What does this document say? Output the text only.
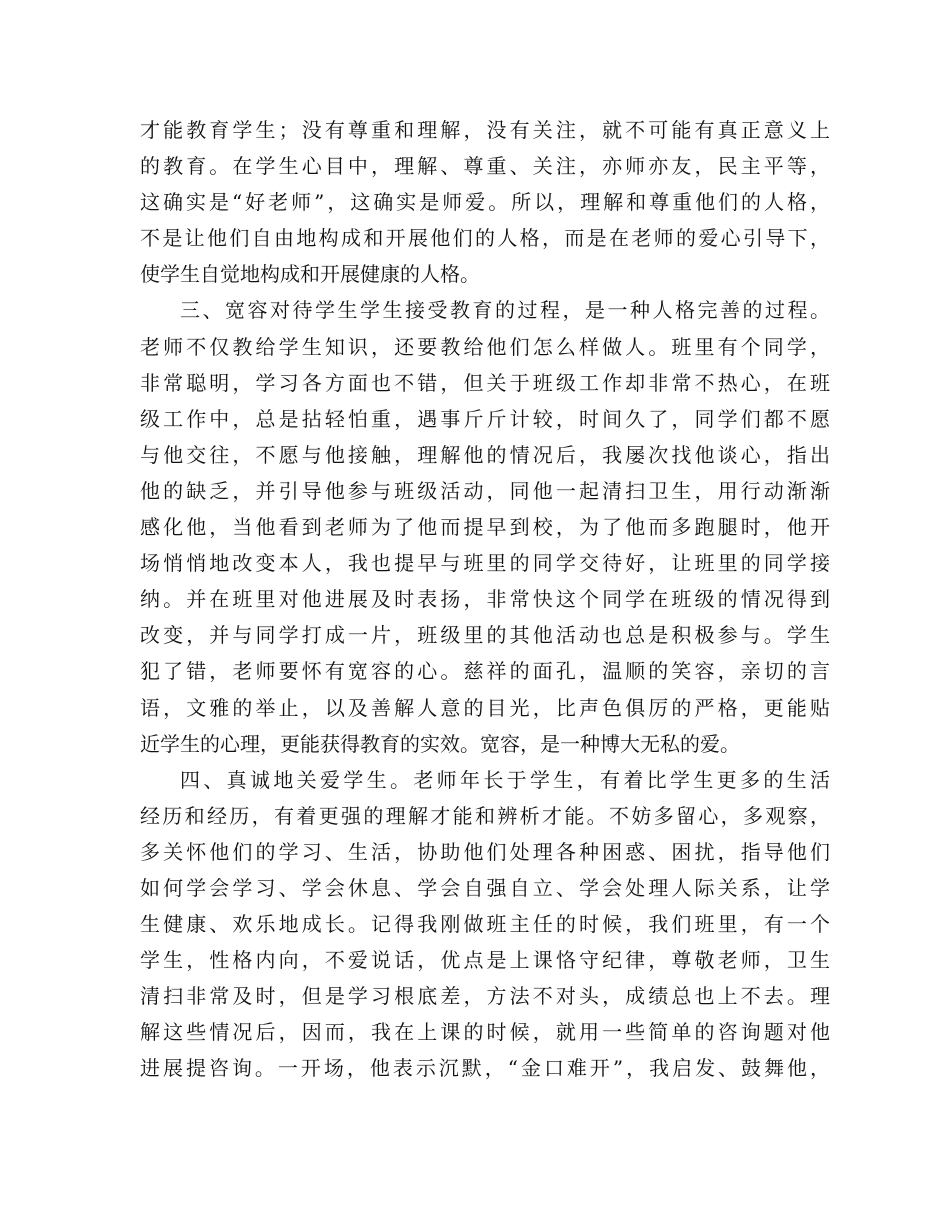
才能教育学生；没有尊重和理解，没有关注，就不可能有真正意义上
的教育。在学生心目中，理解、尊重、关注，亦师亦友，民主平等，
这确实是“好老师”，这确实是师爱。所以，理解和尊重他们的人格，
不是让他们自由地构成和开展他们的人格，而是在老师的爱心引导下，
使学生自觉地构成和开展健康的人格。
三、宽容对待学生学生接受教育的过程，是一种人格完善的过程。
老师不仅教给学生知识，还要教给他们怎么样做人。班里有个同学，
非常聪明，学习各方面也不错，但关于班级工作却非常不热心，在班
级工作中，总是拈轻怕重，遇事斤斤计较，时间久了，同学们都不愿
与他交往，不愿与他接触，理解他的情况后，我屡次找他谈心，指出
他的缺乏，并引导他参与班级活动，同他一起清扫卫生，用行动渐渐
感化他，当他看到老师为了他而提早到校，为了他而多跑腿时，他开
场悄悄地改变本人，我也提早与班里的同学交待好，让班里的同学接
纳。并在班里对他进展及时表扬，非常快这个同学在班级的情况得到
改变，并与同学打成一片，班级里的其他活动也总是积极参与。学生
犯了错，老师要怀有宽容的心。慈祥的面孔，温顺的笑容，亲切的言
语，文雅的举止，以及善解人意的目光，比声色俱厉的严格，更能贴
近学生的心理，更能获得教育的实效。宽容，是一种博大无私的爱。
四、真诚地关爱学生。老师年长于学生，有着比学生更多的生活
经历和经历，有着更强的理解才能和辨析才能。不妨多留心，多观察，
多关怀他们的学习、生活，协助他们处理各种困惑、困扰，指导他们
如何学会学习、学会休息、学会自强自立、学会处理人际关系，让学
生健康、欢乐地成长。记得我刚做班主任的时候，我们班里，有一个
学生，性格内向，不爱说话，优点是上课恪守纪律，尊敬老师，卫生
清扫非常及时，但是学习根底差，方法不对头，成绩总也上不去。理
解这些情况后，因而，我在上课的时候，就用一些简单的咨询题对他
进展提咨询。一开场，他表示沉默，“金口难开”，我启发、鼓舞他，
